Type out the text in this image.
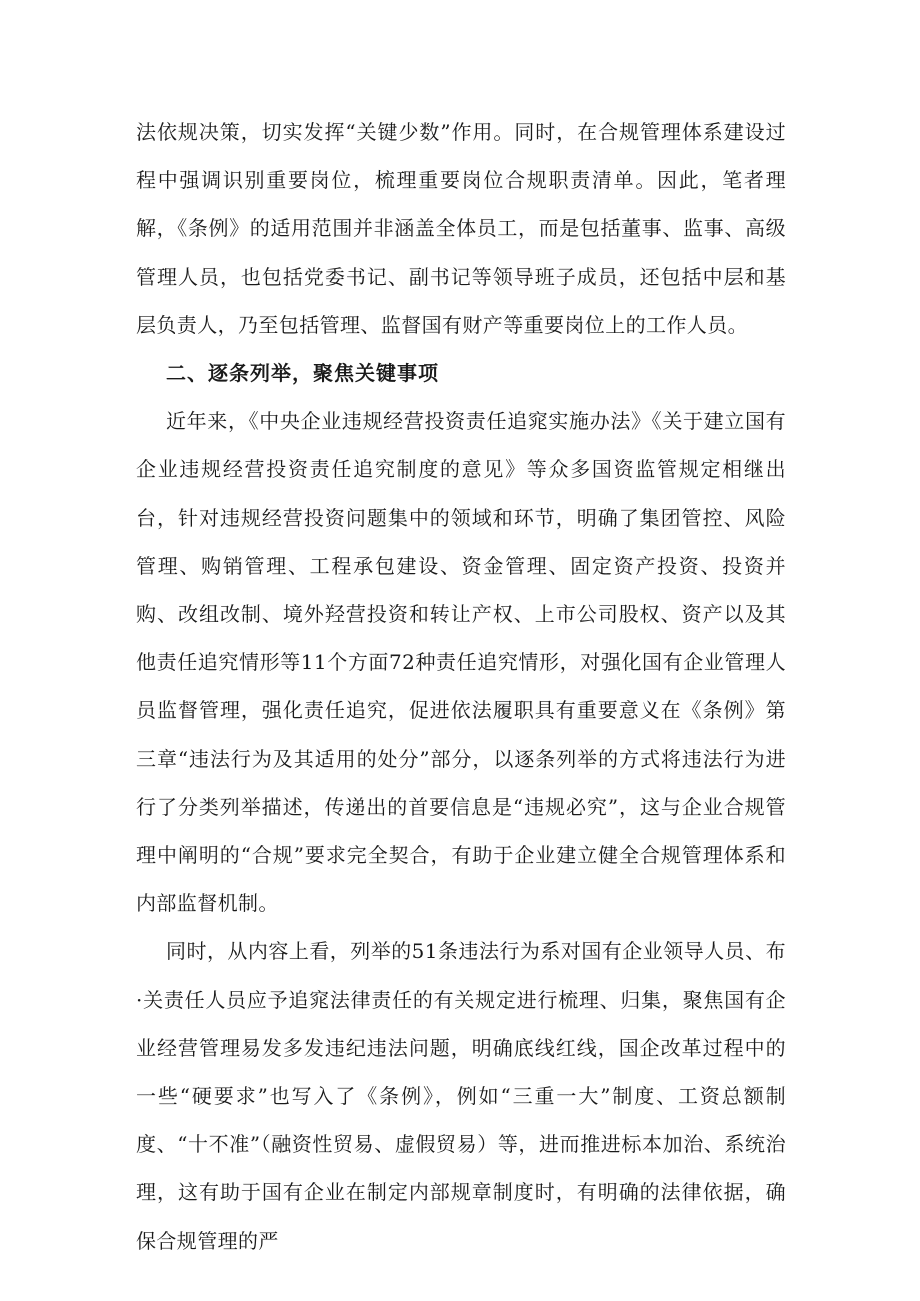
法依规决策，切实发挥“关键少数”作用。同时，在合规管理体系建设过程中强调识别重要岗位，梳理重要岗位合规职责清单。因此，笔者理解，《条例》的适用范围并非涵盖全体员工，而是包括董事、监事、高级管理人员，也包括党委书记、副书记等领导班子成员，还包括中层和基层负责人，乃至包括管理、监督国有财产等重要岗位上的工作人员。

二、逐条列举，聚焦关键事项

近年来，《中央企业违规经营投资责任追窕实施办法》《关于建立国有企业违规经营投资责任追究制度的意见》等众多国资监管规定相继出台，针对违规经营投资问题集中的领域和环节，明确了集团管控、风险管理、购销管理、工程承包建设、资金管理、固定资产投资、投资并购、改组改制、境外羟营投资和转让产权、上市公司股权、资产以及其他责任追究情形等11个方面72种责任追究情形，对强化国有企业管理人员监督管理，强化责任追究，促进依法履职具有重要意义在《条例》第三章“违法行为及其适用的处分”部分，以逐条列举的方式将违法行为进行了分类列举描述，传递出的首要信息是“违规必究”，这与企业合规管理中阐明的“合规”要求完全契合，有助于企业建立健全合规管理体系和内部监督机制。

同时，从内容上看，列举的51条违法行为系对国有企业领导人员、布·关责任人员应予追窕法律责任的有关规定进行梳理、归集，聚焦国有企业经营管理易发多发违纪违法问题，明确底线红线，国企改革过程中的一些“硬要求”也写入了《条例》，例如“三重一大”制度、工资总额制度、“十不准”（融资性贸易、虚假贸易）等，进而推进标本加治、系统治理，这有助于国有企业在制定内部规章制度时，有明确的法律依据，确保合规管理的严
